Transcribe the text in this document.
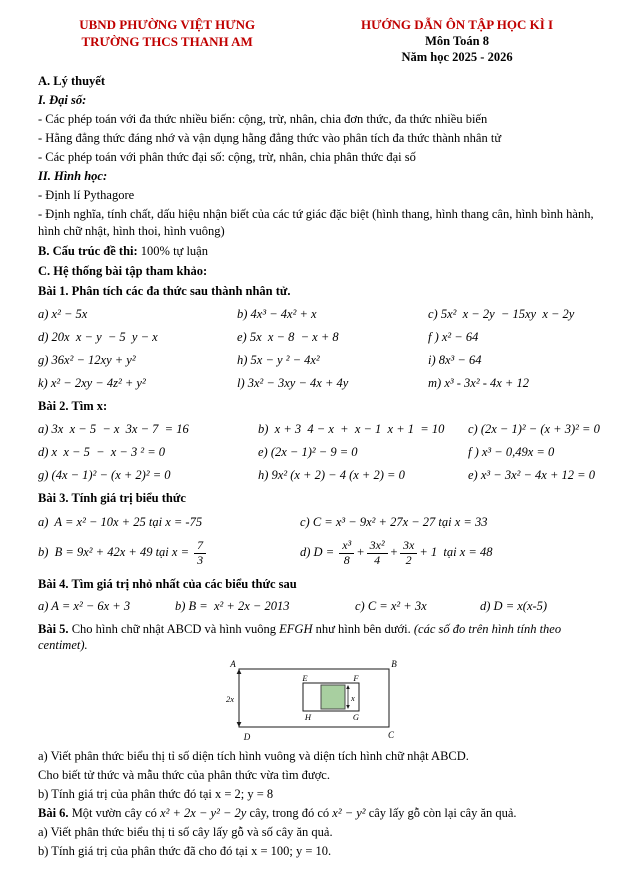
UBND PHƯỜNG VIỆT HƯNG

TRƯỜNG THCS THANH AM

HƯỚNG DẪN ÔN TẬP HỌC KÌ I

Môn Toán 8

Năm học 2025 - 2026

A. Lý thuyết

I. Đại số:

- Các phép toán với đa thức nhiều biến: cộng, trừ, nhân, chia đơn thức, đa thức nhiều biến

- Hằng đẳng thức đáng nhớ và vận dụng hằng đẳng thức vào phân tích đa thức thành nhân tử

- Các phép toán với phân thức đại số: cộng, trừ, nhân, chia phân thức đại số

II. Hình học:

- Định lí Pythagore

- Định nghĩa, tính chất, dấu hiệu nhận biết của các tứ giác đặc biệt (hình thang, hình thang cân, hình bình hành, hình chữ nhật, hình thoi, hình vuông)

B. Cấu trúc đề thi: 100% tự luận

C. Hệ thống bài tập tham khảo:

Bài 1. Phân tích các đa thức sau thành nhân tử.

a) x² − 5x	b) 4x³ − 4x² + x	c) 5x²  x − 2y  − 15xy  x − 2y
d) 20x  x − y  − 5  y − x	e) 5x  x − 8  − x + 8	f ) x² − 64
g) 36x² − 12xy + y²	h) 5x − y ² − 4x²	i) 8x³ − 64
k) x² − 2xy − 4z² + y²	l) 3x² − 3xy − 4x + 4y	m) x³ - 3x² - 4x + 12

Bài 2. Tìm x:

a) 3x  x − 5  − x  3x − 7  = 16	b)  x + 3  4 − x  +  x − 1  x + 1  = 10	c) (2x − 1)² − (x + 3)² = 0
d) x  x − 5  −  x − 3 ² = 0	e) (2x − 1)² − 9 = 0	f ) x³ − 0,49x = 0
g) (4x − 1)² − (x + 2)² = 0	h) 9x² (x + 2) − 4 (x + 2) = 0	e) x³ − 3x² − 4x + 12 = 0

Bài 3. Tính giá trị biểu thức

a)  A = x² − 10x + 25 tại x = -75	c) C = x³ − 9x² + 27x − 27 tại x = 33
b)  B = 9x² + 42x + 49 tại $x = \frac{7}{3}$	d) $D = \frac{\text{x³}}{8} + \frac{\text{3x²}}{4} + \frac{3x}{2} + 1$  tại x = 48

Bài 4. Tìm giá trị nhỏ nhất của các biểu thức sau

a) A = x² − 6x + 3	b) B =  x² + 2x − 2013	c) C = x² + 3x	d) D = x(x-5)

Bài 5. Cho hình chữ nhật ABCD và hình vuông EFGH như hình bên dưới. (các số đo trên hình tính theo centimet).

A	B
C
D
E	F
G
H
2x	x

a) Viết phân thức biểu thị tỉ số diện tích hình vuông và diện tích hình chữ nhật ABCD.

Cho biết tử thức và mẫu thức của phân thức vừa tìm được.

b) Tính giá trị của phân thức đó tại x = 2; y = 8

Bài 6. Một vườn cây có x² + 2x − y² − 2y cây, trong đó có x² − y² cây lấy gỗ còn lại cây ăn quả.

a) Viết phân thức biểu thị ti số cây lấy gỗ và số cây ăn quả.

b) Tính giá trị của phân thức đã cho đó tại x = 100; y = 10.
